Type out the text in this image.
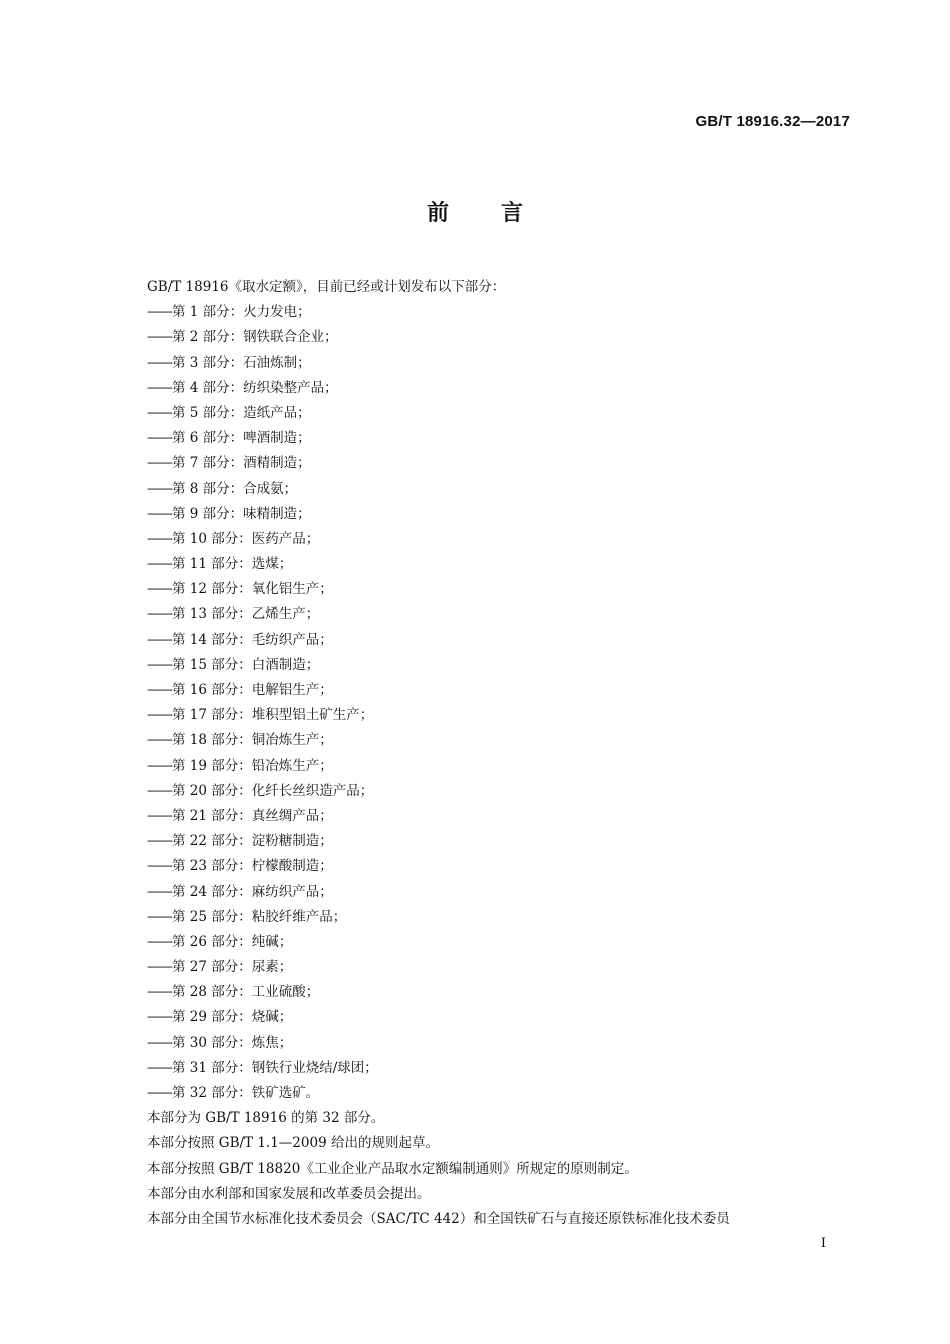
GB/T 18916.32—2017
前言
GB/T 18916《取水定额》，目前已经或计划发布以下部分：
——第 1 部分：火力发电；
——第 2 部分：钢铁联合企业；
——第 3 部分：石油炼制；
——第 4 部分：纺织染整产品；
——第 5 部分：造纸产品；
——第 6 部分：啤酒制造；
——第 7 部分：酒精制造；
——第 8 部分：合成氨；
——第 9 部分：味精制造；
——第 10 部分：医药产品；
——第 11 部分：选煤；
——第 12 部分：氧化铝生产；
——第 13 部分：乙烯生产；
——第 14 部分：毛纺织产品；
——第 15 部分：白酒制造；
——第 16 部分：电解铝生产；
——第 17 部分：堆积型铝土矿生产；
——第 18 部分：铜冶炼生产；
——第 19 部分：铅冶炼生产；
——第 20 部分：化纤长丝织造产品；
——第 21 部分：真丝绸产品；
——第 22 部分：淀粉糖制造；
——第 23 部分：柠檬酸制造；
——第 24 部分：麻纺织产品；
——第 25 部分：粘胶纤维产品；
——第 26 部分：纯碱；
——第 27 部分：尿素；
——第 28 部分：工业硫酸；
——第 29 部分：烧碱；
——第 30 部分：炼焦；
——第 31 部分：钢铁行业烧结/球团；
——第 32 部分：铁矿选矿。
本部分为 GB/T 18916 的第 32 部分。
本部分按照 GB/T 1.1—2009 给出的规则起草。
本部分按照 GB/T 18820《工业企业产品取水定额编制通则》所规定的原则制定。
本部分由水利部和国家发展和改革委员会提出。
本部分由全国节水标准化技术委员会（SAC/TC 442）和全国铁矿石与直接还原铁标准化技术委员
I
